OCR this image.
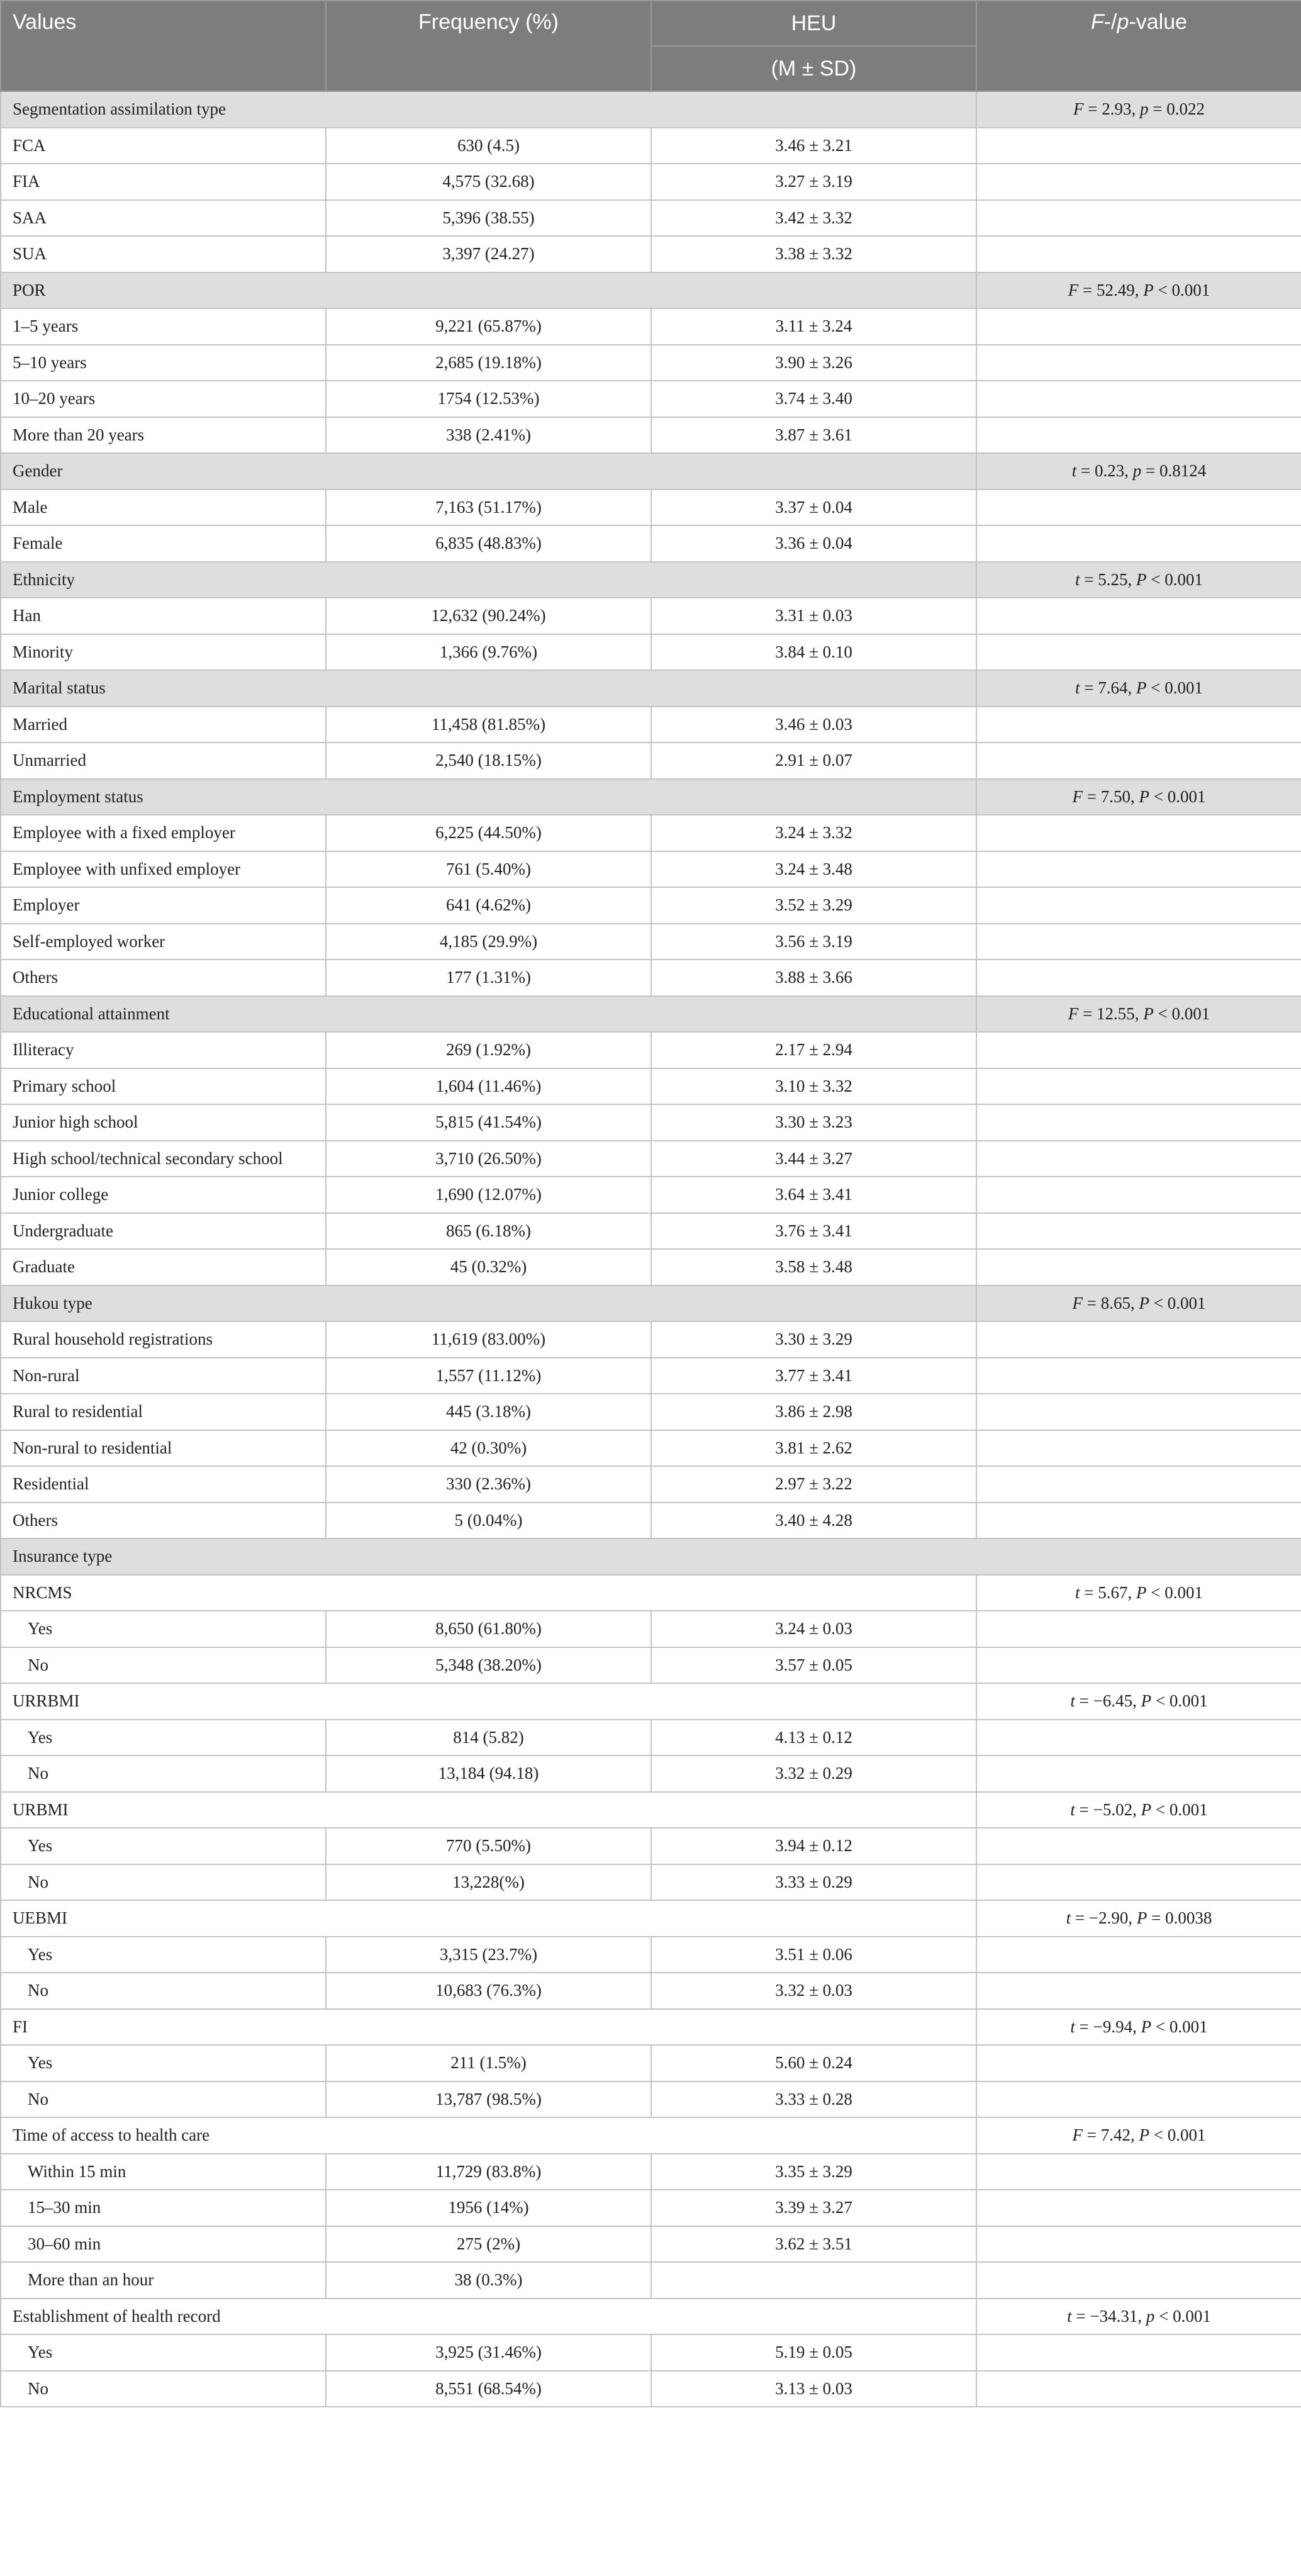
Values	Frequency (%)	HEU	F-/p-value
		(M ± SD)	
Segmentation assimilation type			F = 2.93, p = 0.022
FCA	630 (4.5)	3.46 ± 3.21	
FIA	4,575 (32.68)	3.27 ± 3.19	
SAA	5,396 (38.55)	3.42 ± 3.32	
SUA	3,397 (24.27)	3.38 ± 3.32	
POR			F = 52.49, P < 0.001
1–5 years	9,221 (65.87%)	3.11 ± 3.24	
5–10 years	2,685 (19.18%)	3.90 ± 3.26	
10–20 years	1754 (12.53%)	3.74 ± 3.40	
More than 20 years	338 (2.41%)	3.87 ± 3.61	
Gender			t = 0.23, p = 0.8124
Male	7,163 (51.17%)	3.37 ± 0.04	
Female	6,835 (48.83%)	3.36 ± 0.04	
Ethnicity			t = 5.25, P < 0.001
Han	12,632 (90.24%)	3.31 ± 0.03	
Minority	1,366 (9.76%)	3.84 ± 0.10	
Marital status			t = 7.64, P < 0.001
Married	11,458 (81.85%)	3.46 ± 0.03	
Unmarried	2,540 (18.15%)	2.91 ± 0.07	
Employment status			F = 7.50, P < 0.001
Employee with a fixed employer	6,225 (44.50%)	3.24 ± 3.32	
Employee with unfixed employer	761 (5.40%)	3.24 ± 3.48	
Employer	641 (4.62%)	3.52 ± 3.29	
Self-employed worker	4,185 (29.9%)	3.56 ± 3.19	
Others	177 (1.31%)	3.88 ± 3.66	
Educational attainment			F = 12.55, P < 0.001
Illiteracy	269 (1.92%)	2.17 ± 2.94	
Primary school	1,604 (11.46%)	3.10 ± 3.32	
Junior high school	5,815 (41.54%)	3.30 ± 3.23	
High school/technical secondary school	3,710 (26.50%)	3.44 ± 3.27	
Junior college	1,690 (12.07%)	3.64 ± 3.41	
Undergraduate	865 (6.18%)	3.76 ± 3.41	
Graduate	45 (0.32%)	3.58 ± 3.48	
Hukou type			F = 8.65, P < 0.001
Rural household registrations	11,619 (83.00%)	3.30 ± 3.29	
Non-rural	1,557 (11.12%)	3.77 ± 3.41	
Rural to residential	445 (3.18%)	3.86 ± 2.98	
Non-rural to residential	42 (0.30%)	3.81 ± 2.62	
Residential	330 (2.36%)	2.97 ± 3.22	
Others	5 (0.04%)	3.40 ± 4.28	
Insurance type			
NRCMS			t = 5.67, P < 0.001
Yes	8,650 (61.80%)	3.24 ± 0.03	
No	5,348 (38.20%)	3.57 ± 0.05	
URRBMI			t = −6.45, P < 0.001
Yes	814 (5.82)	4.13 ± 0.12	
No	13,184 (94.18)	3.32 ± 0.29	
URBMI			t = −5.02, P < 0.001
Yes	770 (5.50%)	3.94 ± 0.12	
No	13,228(%)	3.33 ± 0.29	
UEBMI			t = −2.90, P = 0.0038
Yes	3,315 (23.7%)	3.51 ± 0.06	
No	10,683 (76.3%)	3.32 ± 0.03	
FI			t = −9.94, P < 0.001
Yes	211 (1.5%)	5.60 ± 0.24	
No	13,787 (98.5%)	3.33 ± 0.28	
Time of access to health care			F = 7.42, P < 0.001
Within 15 min	11,729 (83.8%)	3.35 ± 3.29	
15–30 min	1956 (14%)	3.39 ± 3.27	
30–60 min	275 (2%)	3.62 ± 3.51	
More than an hour	38 (0.3%)		
Establishment of health record			t = −34.31, p < 0.001
Yes	3,925 (31.46%)	5.19 ± 0.05	
No	8,551 (68.54%)	3.13 ± 0.03	
